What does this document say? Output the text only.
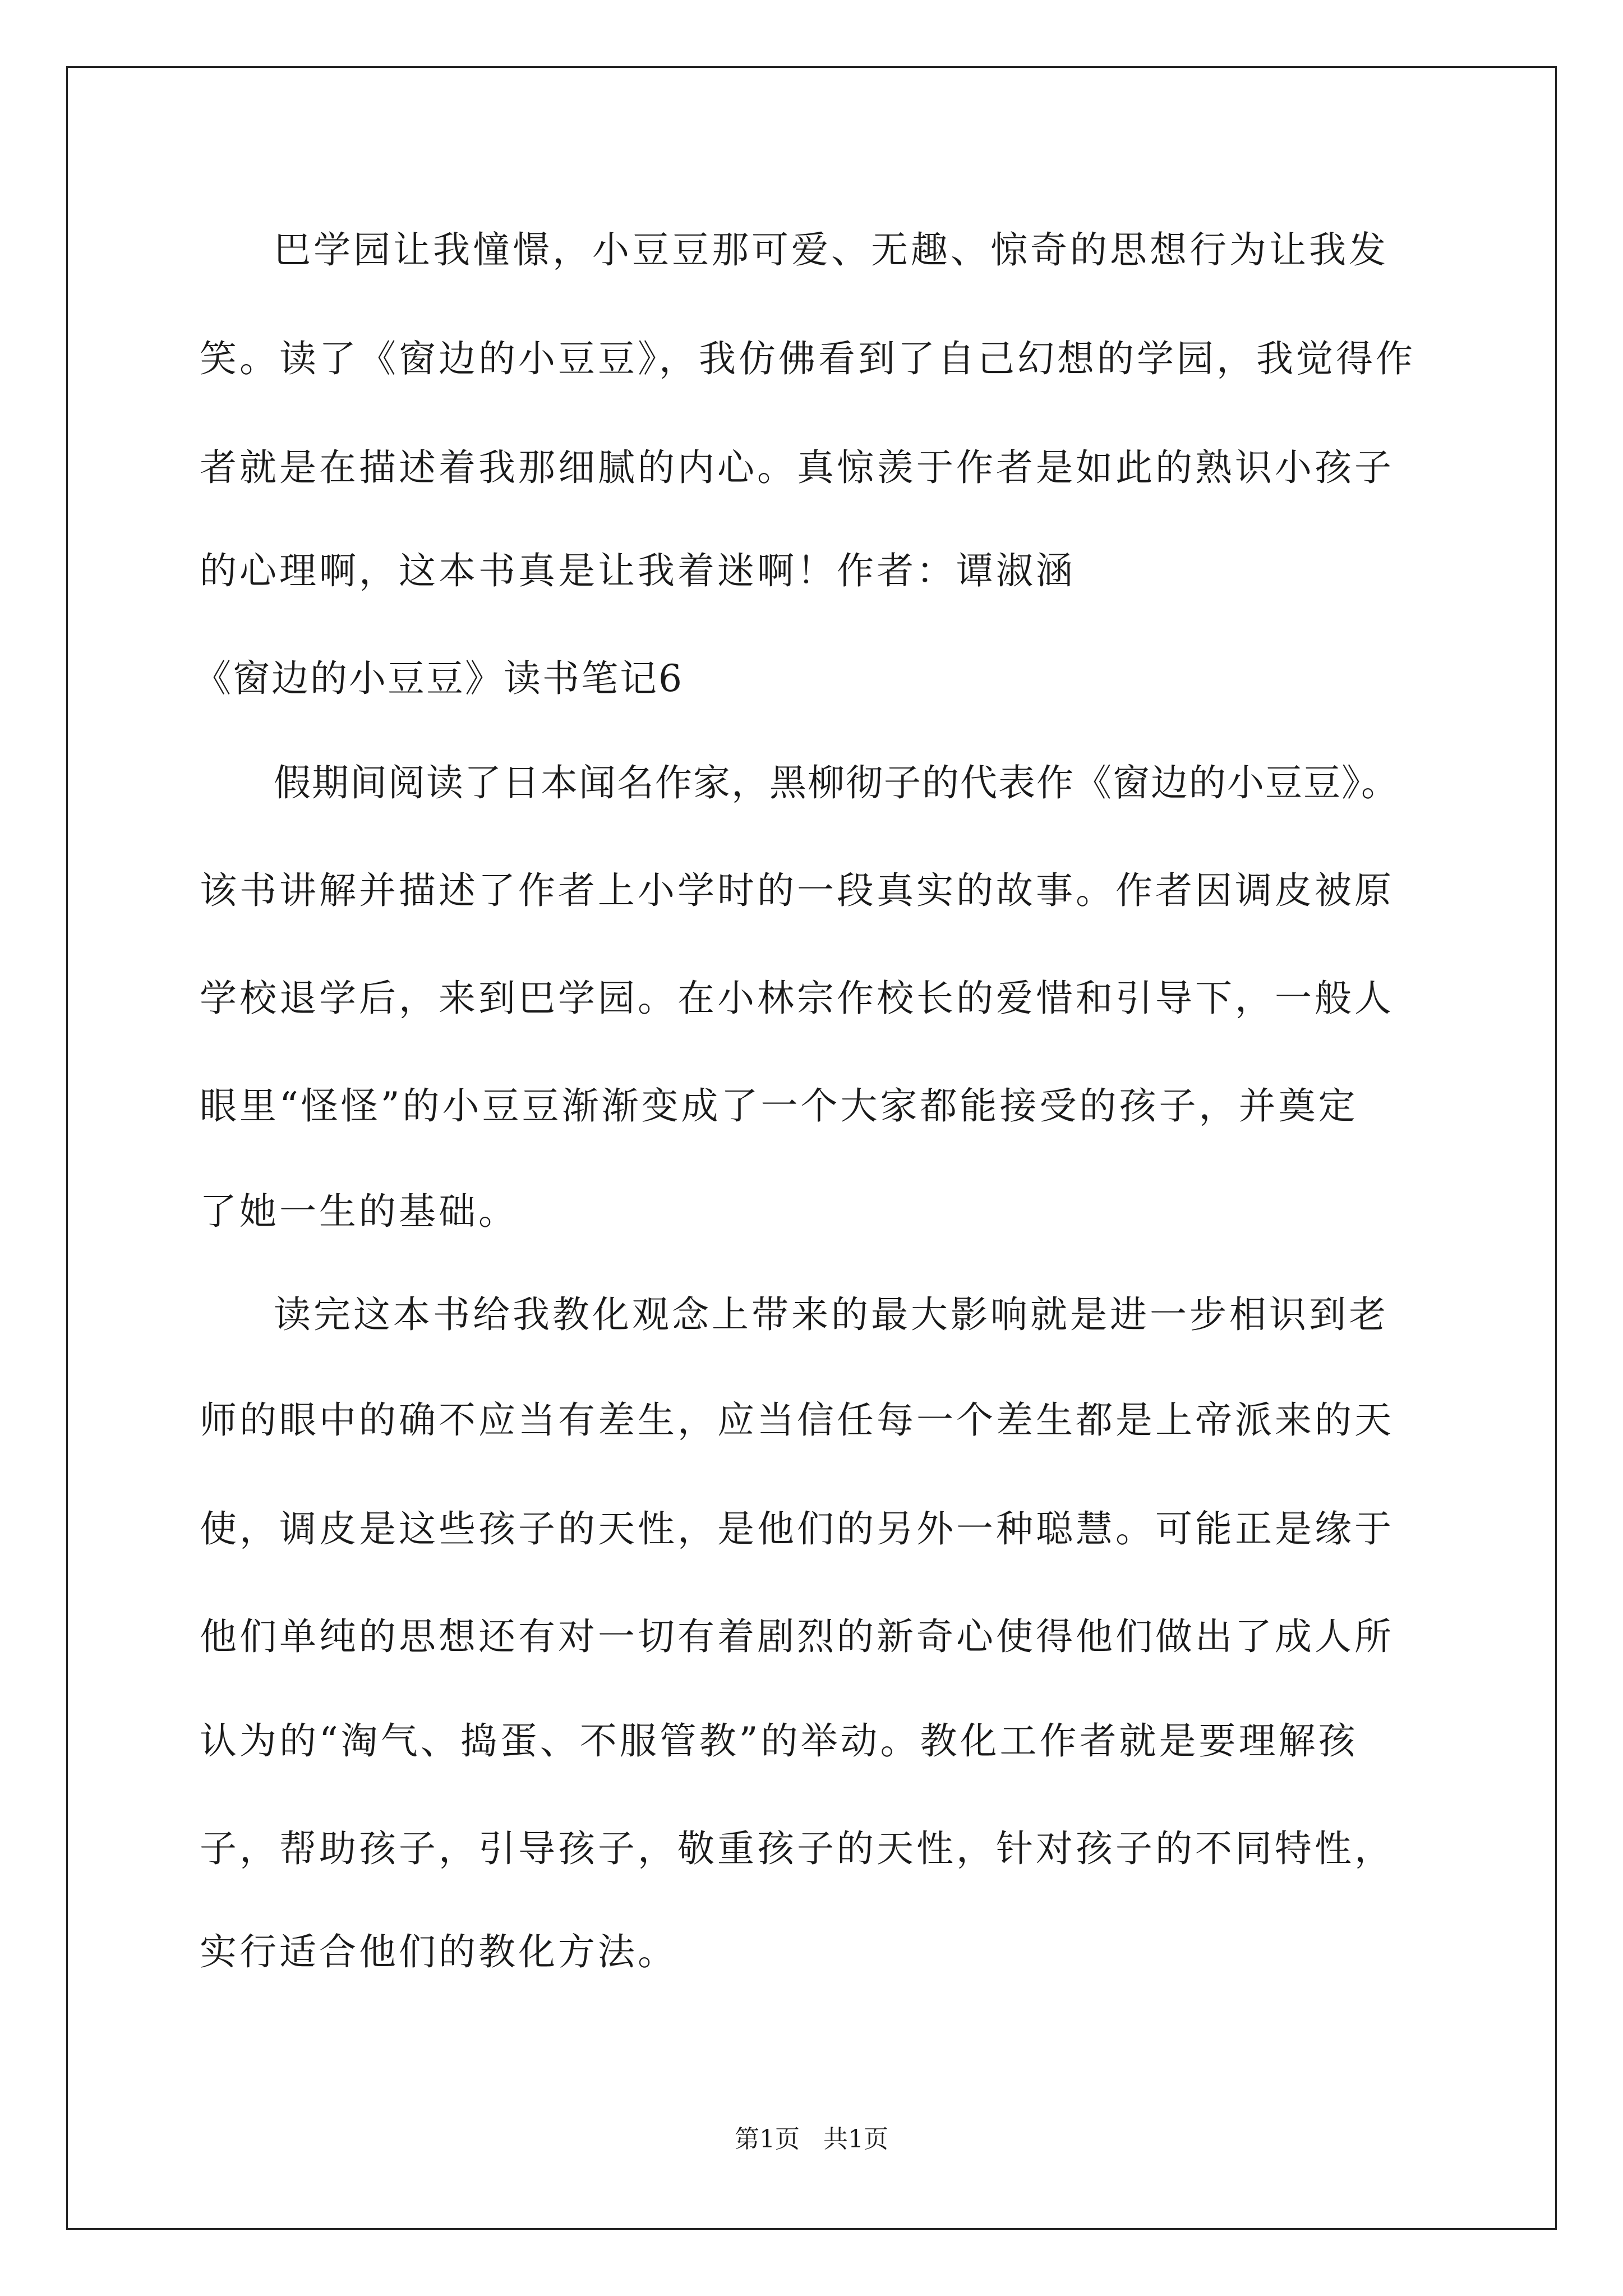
巴学园让我憧憬，小豆豆那可爱、无趣、惊奇的思想行为让我发
笑。读了《窗边的小豆豆》，我仿佛看到了自己幻想的学园，我觉得作
者就是在描述着我那细腻的内心。真惊羡于作者是如此的熟识小孩子
的心理啊，这本书真是让我着迷啊！作者：谭淑涵
《窗边的小豆豆》读书笔记6
假期间阅读了日本闻名作家，黑柳彻子的代表作《窗边的小豆豆》。
该书讲解并描述了作者上小学时的一段真实的故事。作者因调皮被原
学校退学后，来到巴学园。在小林宗作校长的爱惜和引导下，一般人
眼里“怪怪”的小豆豆渐渐变成了一个大家都能接受的孩子，并奠定
了她一生的基础。
读完这本书给我教化观念上带来的最大影响就是进一步相识到老
师的眼中的确不应当有差生，应当信任每一个差生都是上帝派来的天
使，调皮是这些孩子的天性，是他们的另外一种聪慧。可能正是缘于
他们单纯的思想还有对一切有着剧烈的新奇心使得他们做出了成人所
认为的“淘气、捣蛋、不服管教”的举动。教化工作者就是要理解孩
子，帮助孩子，引导孩子，敬重孩子的天性，针对孩子的不同特性，
实行适合他们的教化方法。
第1页 共1页
